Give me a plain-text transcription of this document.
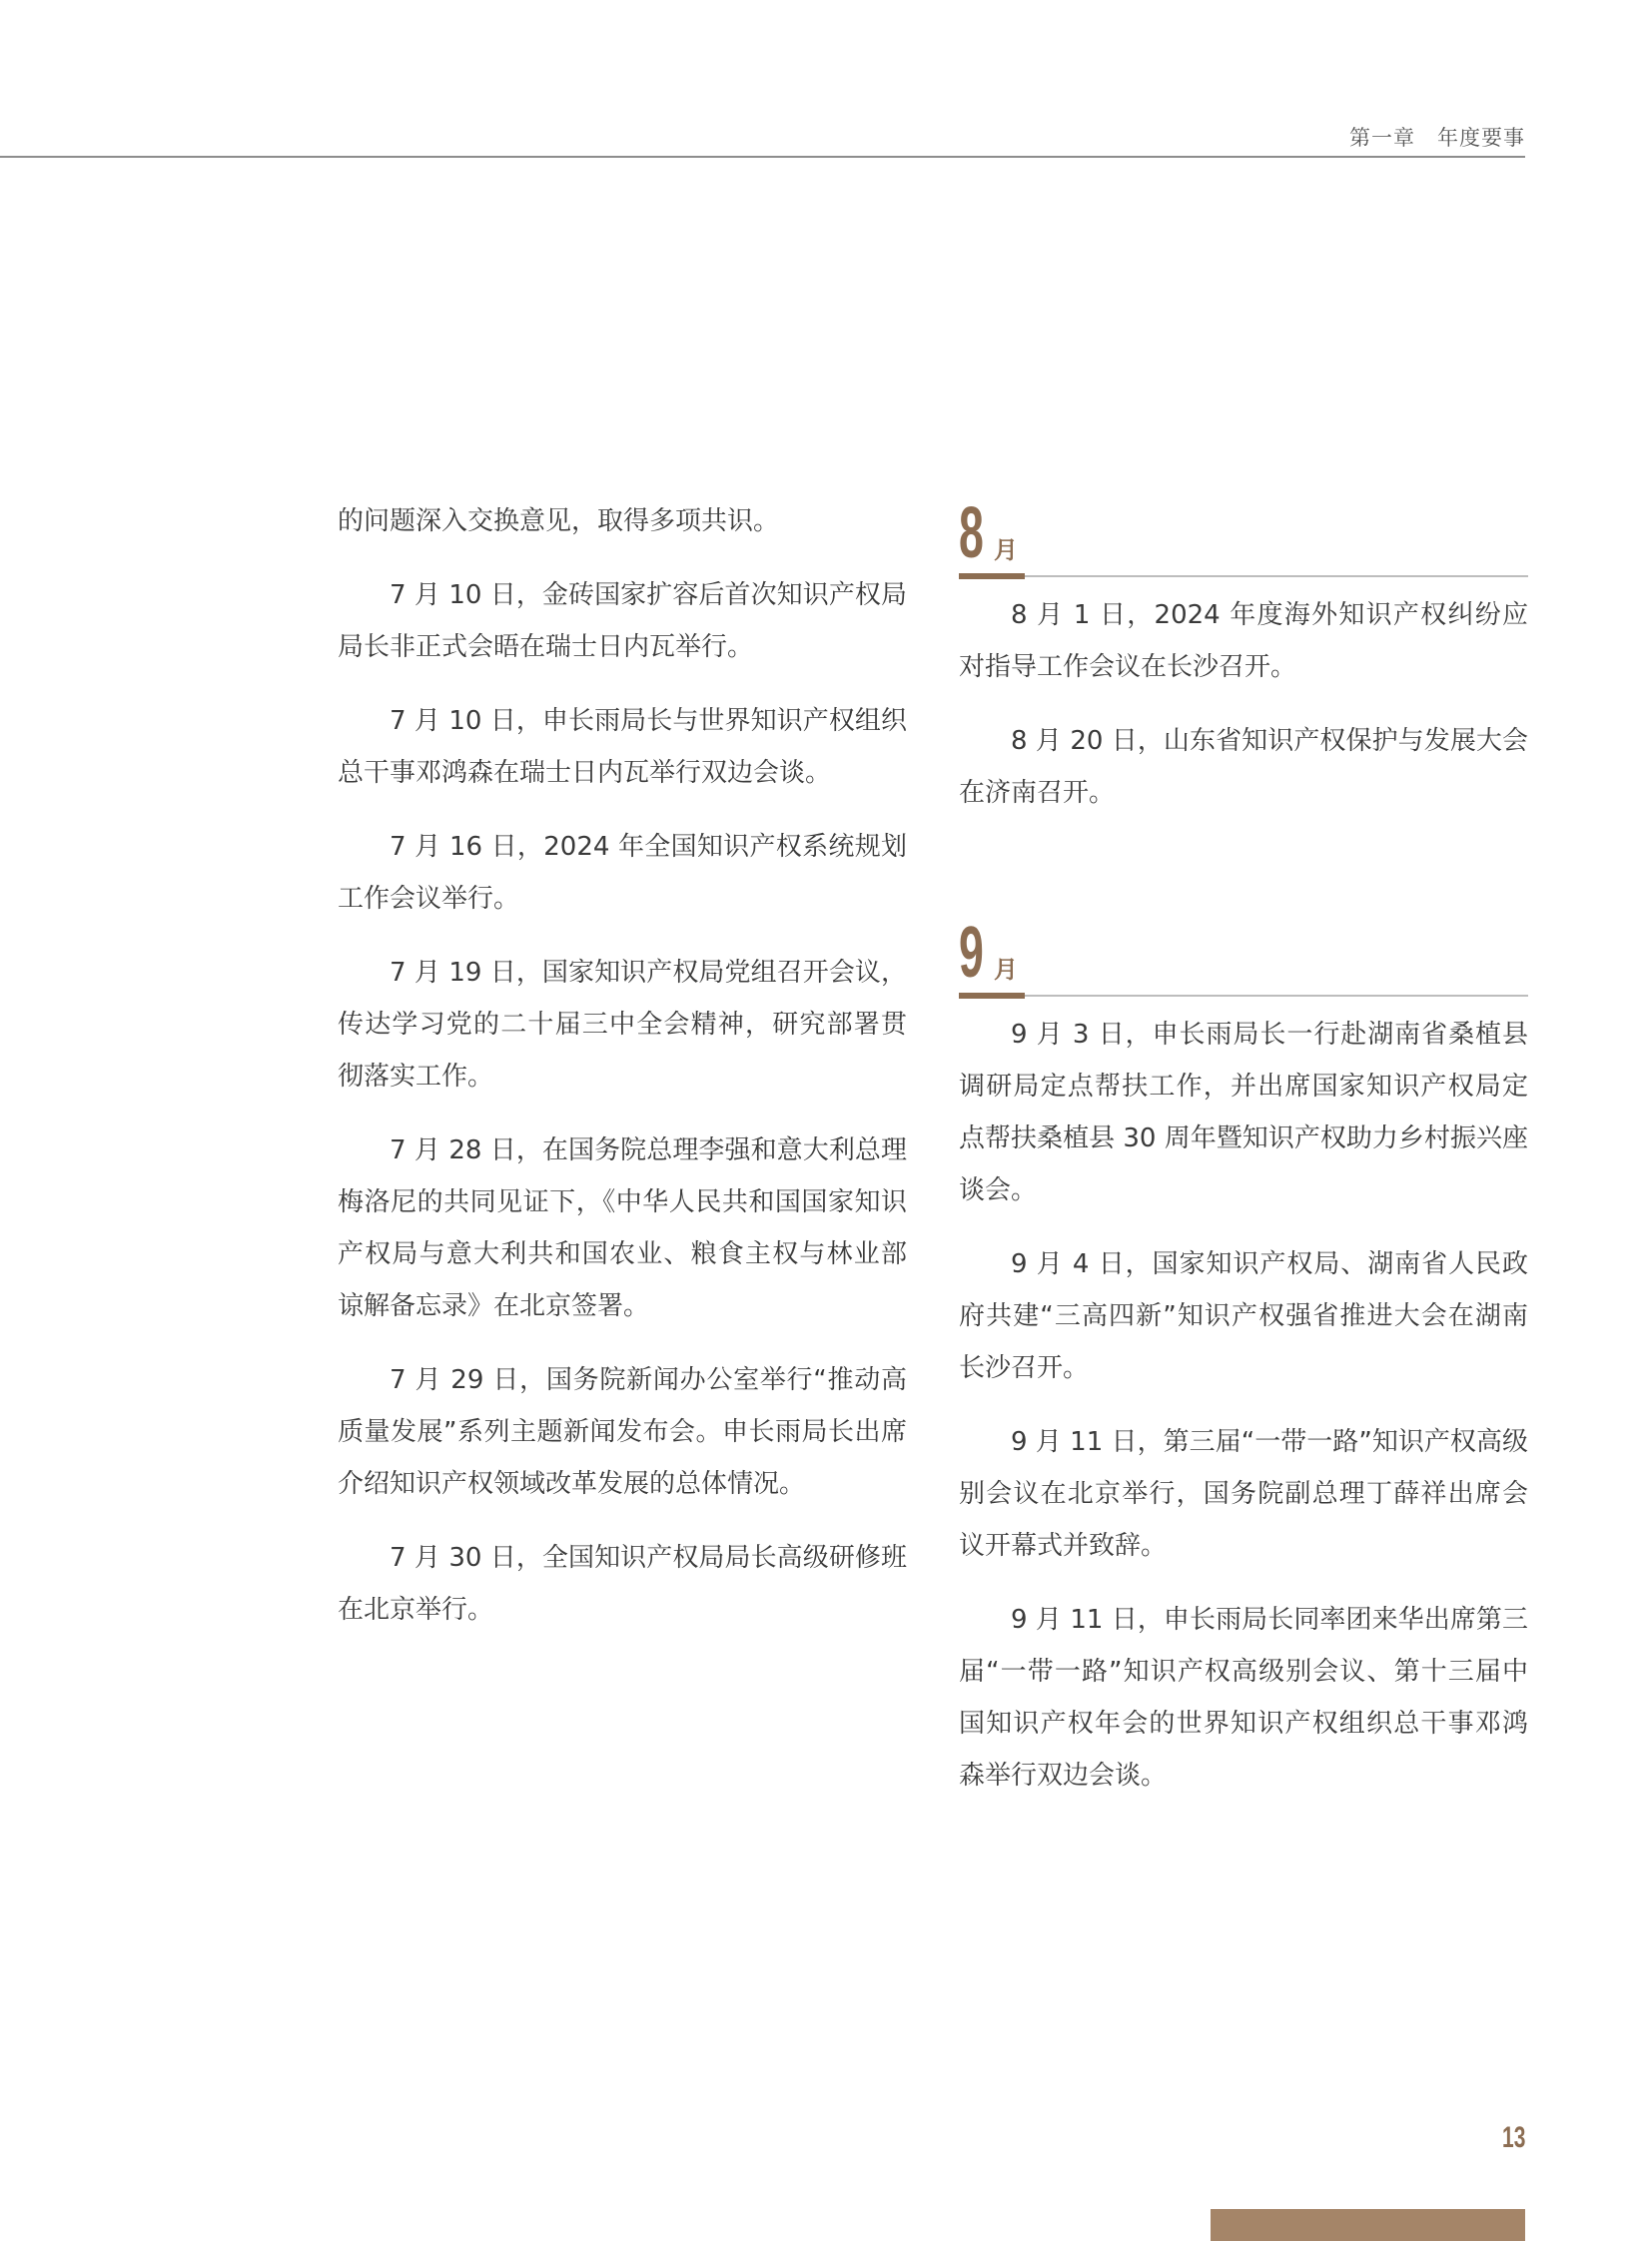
第一章 年度要事

的问题深入交换意见，取得多项共识。

7 月 10 日，金砖国家扩容后首次知识产权局局长非正式会晤在瑞士日内瓦举行。

7 月 10 日，申长雨局长与世界知识产权组织总干事邓鸿森在瑞士日内瓦举行双边会谈。

7 月 16 日，2024 年全国知识产权系统规划工作会议举行。

7 月 19 日，国家知识产权局党组召开会议，传达学习党的二十届三中全会精神，研究部署贯彻落实工作。

7 月 28 日，在国务院总理李强和意大利总理梅洛尼的共同见证下，《中华人民共和国国家知识产权局与意大利共和国农业、粮食主权与林业部谅解备忘录》在北京签署。

7 月 29 日，国务院新闻办公室举行“推动高质量发展”系列主题新闻发布会。申长雨局长出席介绍知识产权领域改革发展的总体情况。

7 月 30 日，全国知识产权局局长高级研修班在北京举行。

8 月

8 月 1 日，2024 年度海外知识产权纠纷应对指导工作会议在长沙召开。

8 月 20 日，山东省知识产权保护与发展大会在济南召开。

9 月

9 月 3 日，申长雨局长一行赴湖南省桑植县调研局定点帮扶工作，并出席国家知识产权局定点帮扶桑植县 30 周年暨知识产权助力乡村振兴座谈会。

9 月 4 日，国家知识产权局、湖南省人民政府共建“三高四新”知识产权强省推进大会在湖南长沙召开。

9 月 11 日，第三届“一带一路”知识产权高级别会议在北京举行，国务院副总理丁薛祥出席会议开幕式并致辞。

9 月 11 日，申长雨局长同率团来华出席第三届“一带一路”知识产权高级别会议、第十三届中国知识产权年会的世界知识产权组织总干事邓鸿森举行双边会谈。

13
